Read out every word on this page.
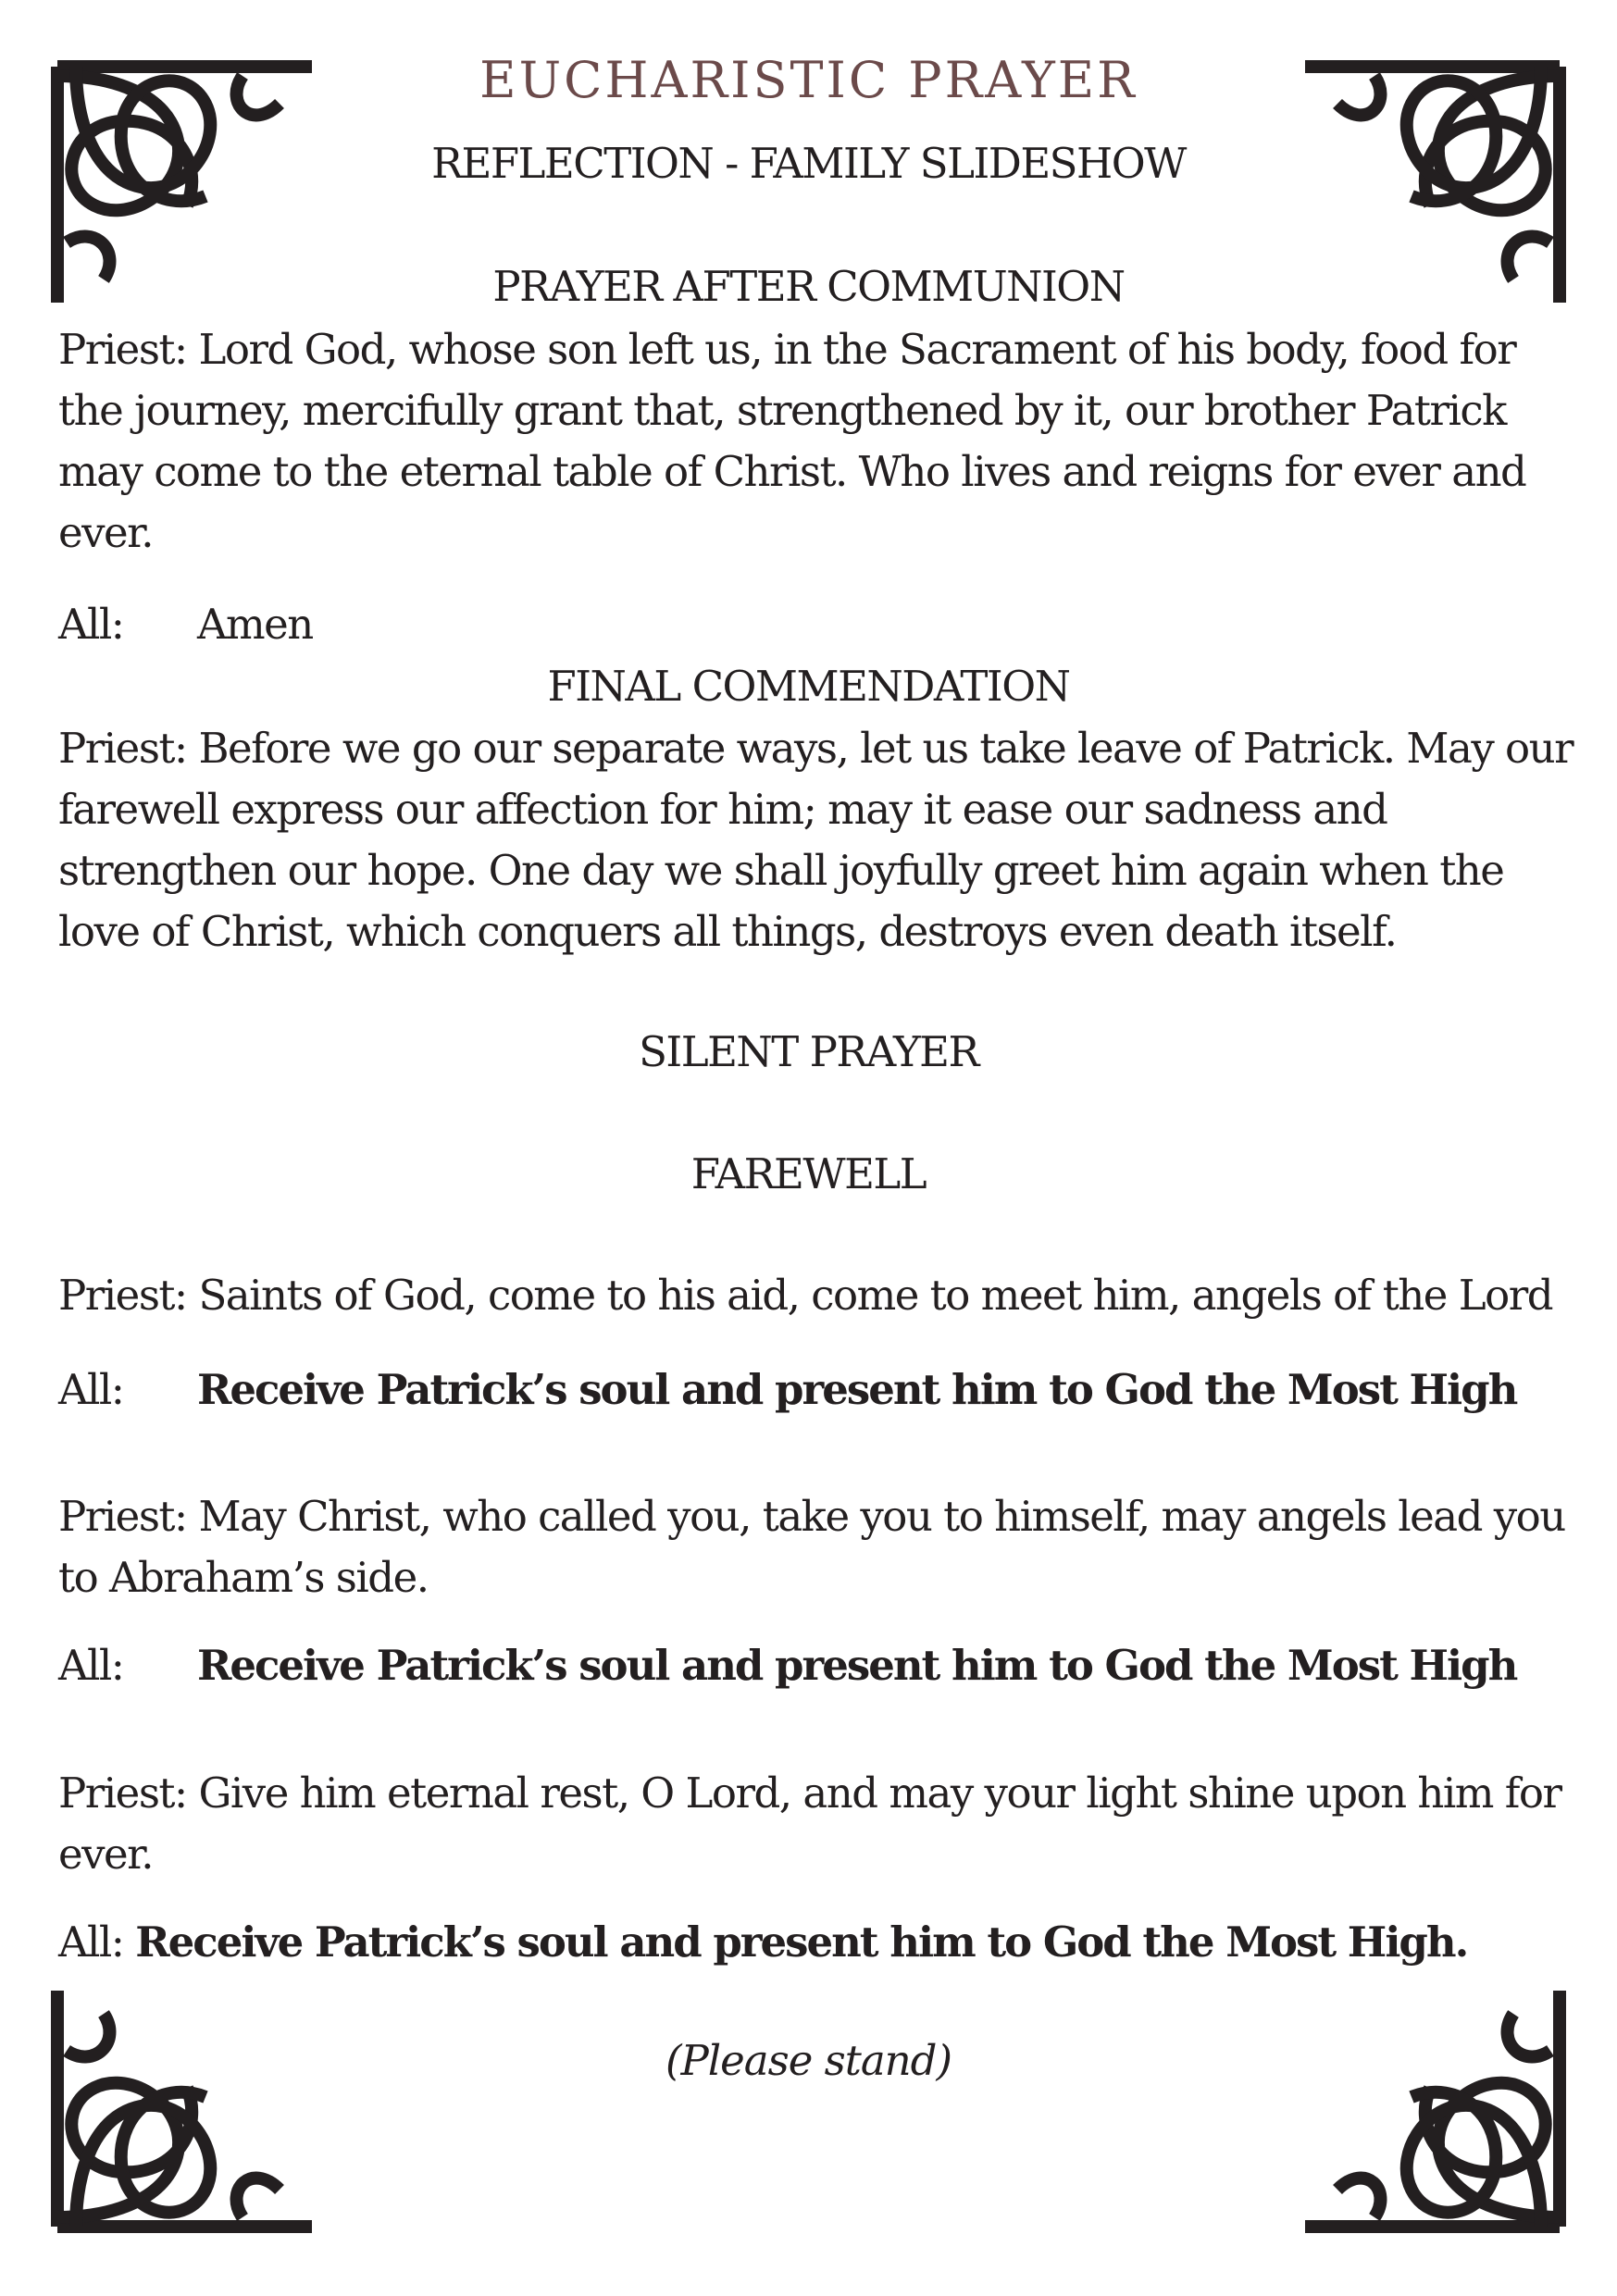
EUCHARISTIC PRAYER
REFLECTION - FAMILY SLIDESHOW
PRAYER AFTER COMMUNION
Priest: Lord God, whose son left us, in the Sacrament of his body, food for the journey, mercifully grant that, strengthened by it, our brother Patrick may come to the eternal table of Christ. Who lives and reigns for ever and ever.
All: Amen
FINAL COMMENDATION
Priest: Before we go our separate ways, let us take leave of Patrick. May our farewell express our affection for him; may it ease our sadness and strengthen our hope. One day we shall joyfully greet him again when the love of Christ, which conquers all things, destroys even death itself.
SILENT PRAYER
FAREWELL
Priest: Saints of God, come to his aid, come to meet him, angels of the Lord
All: Receive Patrick’s soul and present him to God the Most High
Priest: May Christ, who called you, take you to himself, may angels lead you to Abraham’s side.
All: Receive Patrick’s soul and present him to God the Most High
Priest: Give him eternal rest, O Lord, and may your light shine upon him for ever.
All: Receive Patrick’s soul and present him to God the Most High.
(Please stand)
